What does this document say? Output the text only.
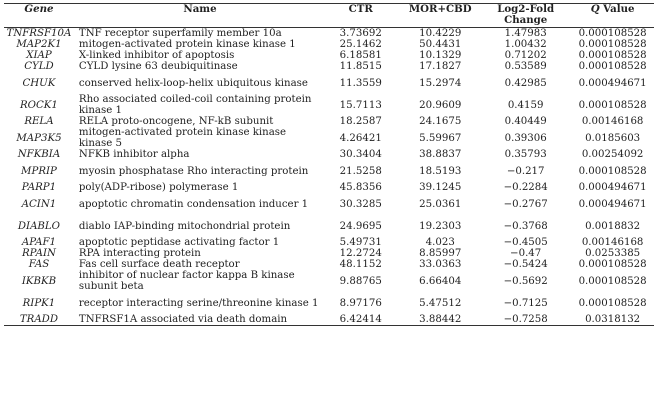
Gene	Name	CTR	MOR+CBD	Log2-Fold Change	Q Value
TNFRSF10A	TNF receptor superfamily member 10a	3.73692	10.4229	1.47983	0.000108528
MAP2K1	mitogen-activated protein kinase kinase 1	25.1462	50.4431	1.00432	0.000108528
XIAP	X-linked inhibitor of apoptosis	6.18581	10.1329	0.71202	0.000108528
CYLD	CYLD lysine 63 deubiquitinase	11.8515	17.1827	0.53589	0.000108528
CHUK	conserved helix-loop-helix ubiquitous kinase	11.3559	15.2974	0.42985	0.000494671
ROCK1	Rho associated coiled-coil containing protein kinase 1	15.7113	20.9609	0.4159	0.000108528
RELA	RELA proto-oncogene, NF-kB subunit	18.2587	24.1675	0.40449	0.00146168
MAP3K5	mitogen-activated protein kinase kinase kinase 5	4.26421	5.59967	0.39306	0.0185603
NFKBIA	NFKB inhibitor alpha	30.3404	38.8837	0.35793	0.00254092
MPRIP	myosin phosphatase Rho interacting protein	21.5258	18.5193	−0.217	0.000108528
PARP1	poly(ADP-ribose) polymerase 1	45.8356	39.1245	−0.2284	0.000494671
ACIN1	apoptotic chromatin condensation inducer 1	30.3285	25.0361	−0.2767	0.000494671
DIABLO	diablo IAP-binding mitochondrial protein	24.9695	19.2303	−0.3768	0.0018832
APAF1	apoptotic peptidase activating factor 1	5.49731	4.023	−0.4505	0.00146168
RPAIN	RPA interacting protein	12.2724	8.85997	−0.47	0.0253385
FAS	Fas cell surface death receptor	48.1152	33.0363	−0.5424	0.000108528
IKBKB	inhibitor of nuclear factor kappa B kinase subunit beta	9.88765	6.66404	−0.5692	0.000108528
RIPK1	receptor interacting serine/threonine kinase 1	8.97176	5.47512	−0.7125	0.000108528
TRADD	TNFRSF1A associated via death domain	6.42414	3.88442	−0.7258	0.0318132
